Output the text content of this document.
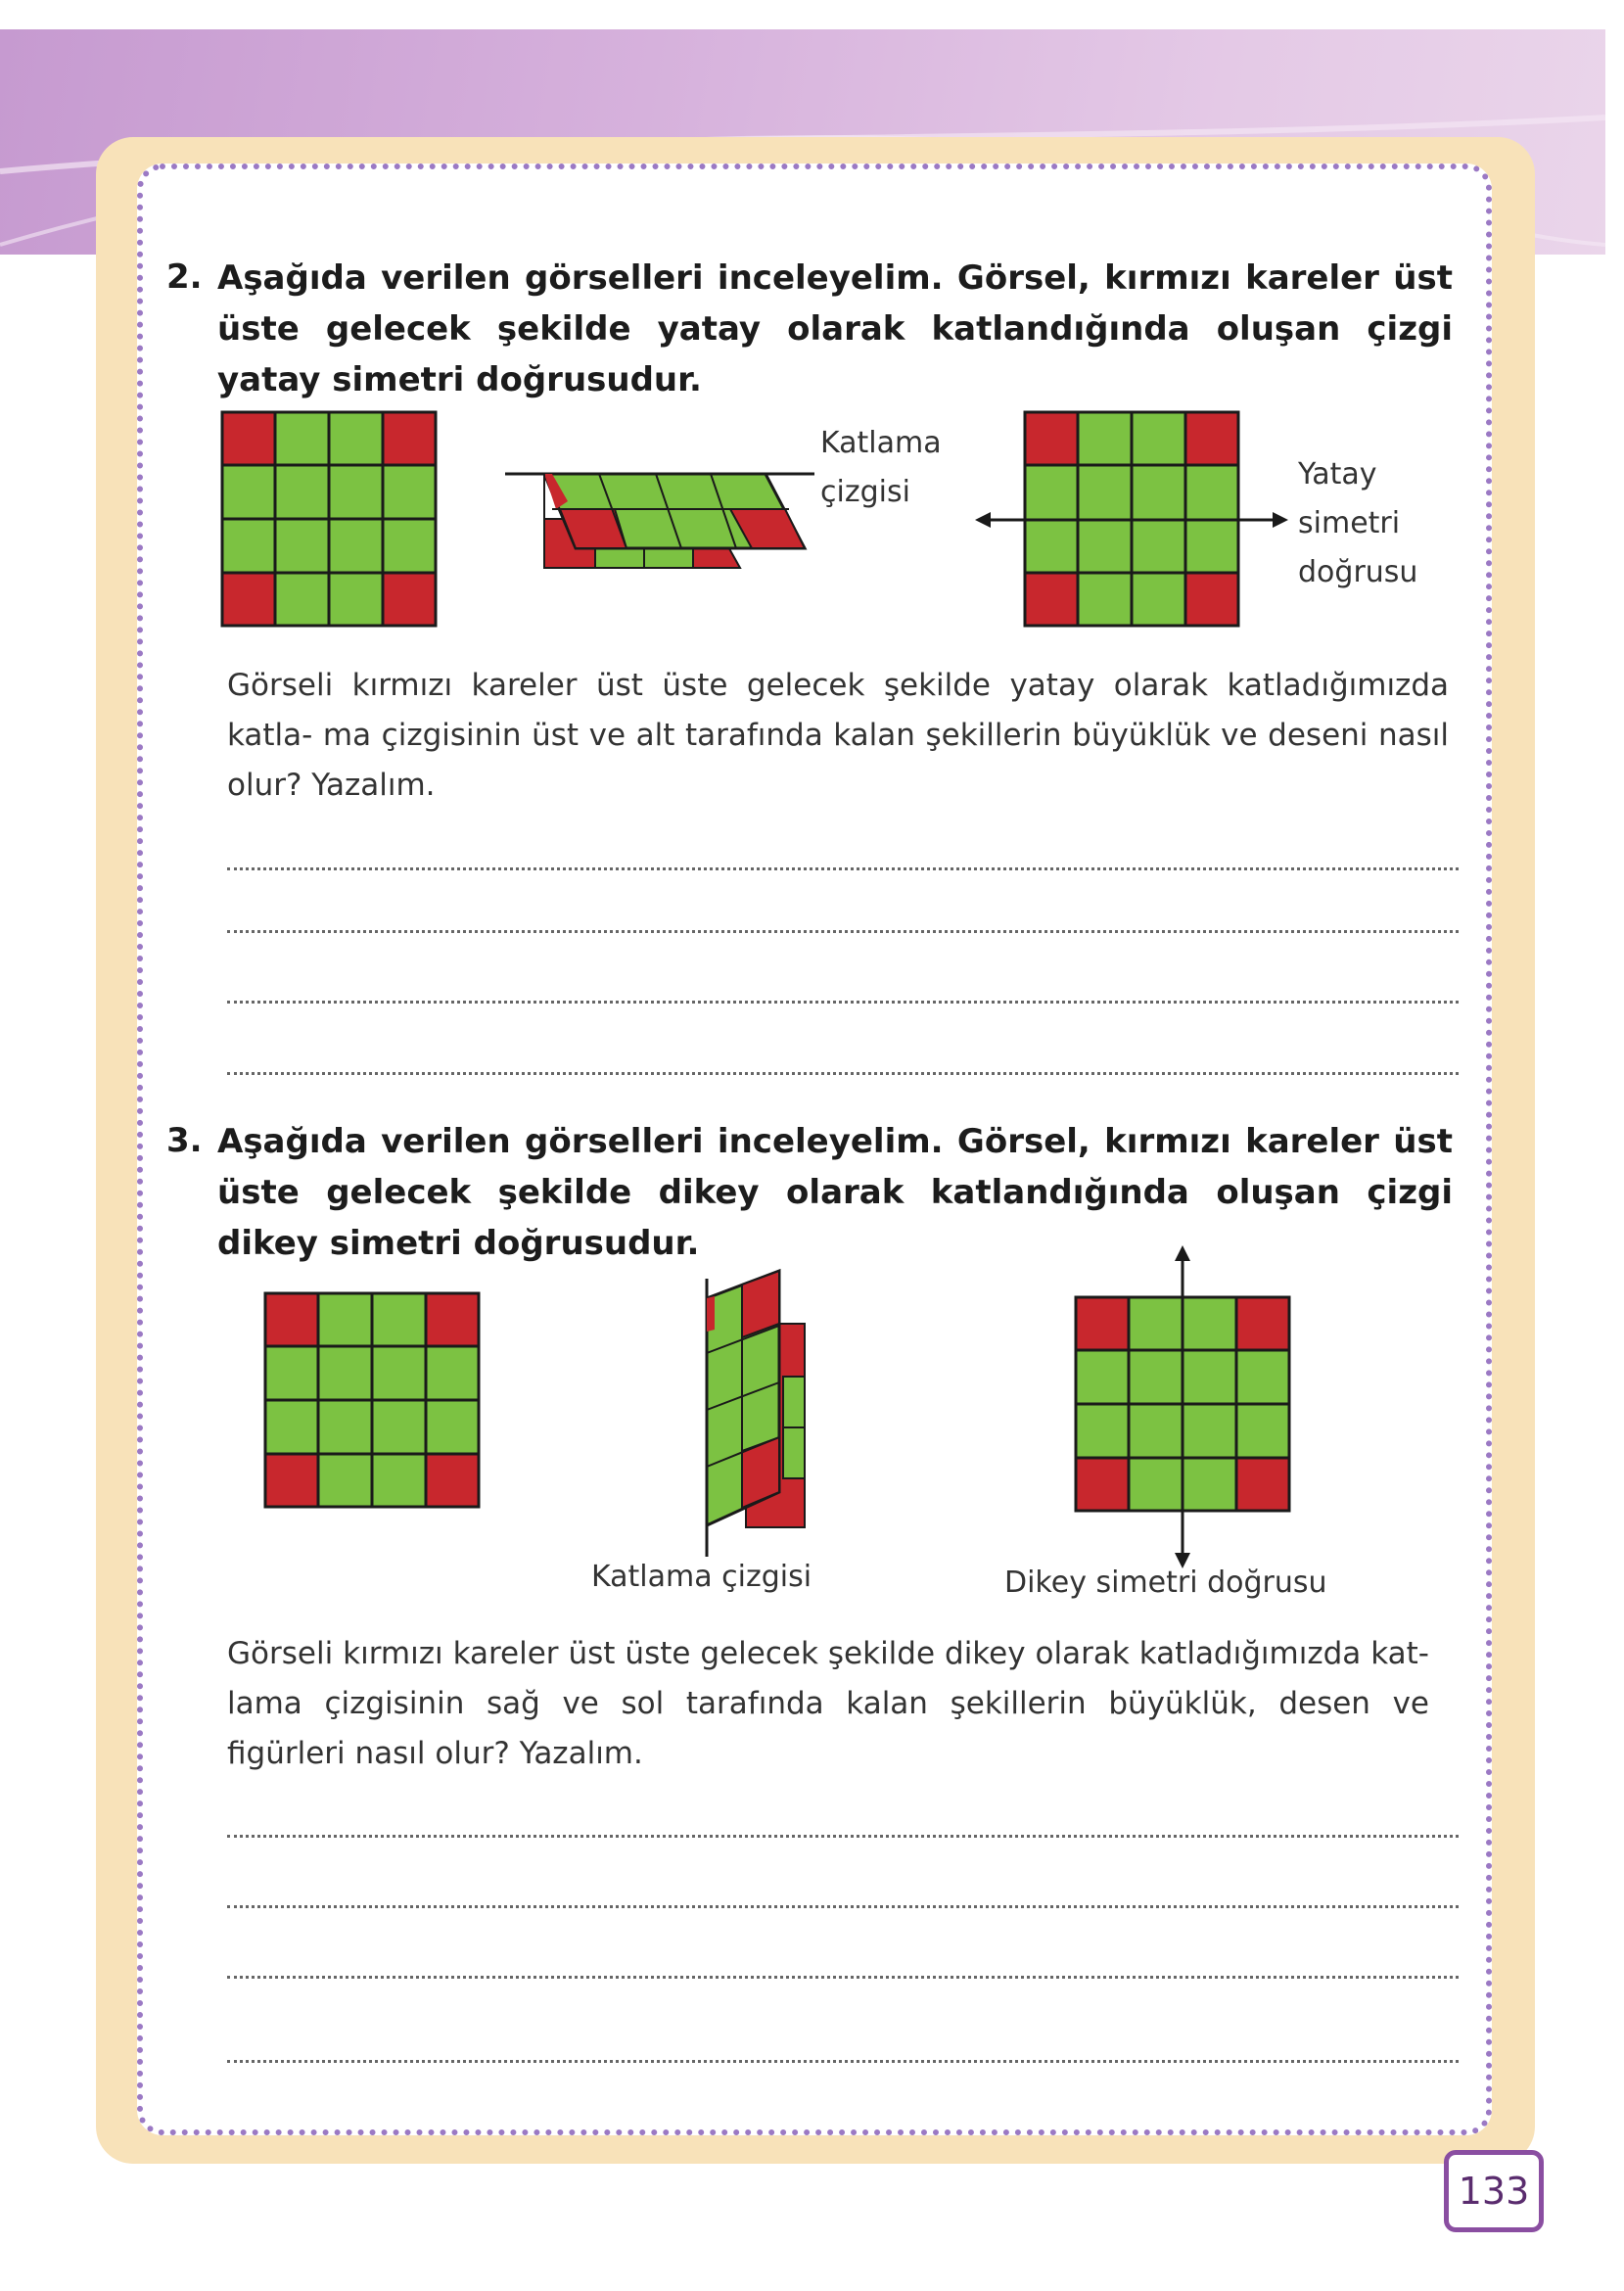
2. Aşağıda verilen görselleri inceleyelim. Görsel, kırmızı kareler üst üste gelecek şekilde yatay olarak katlandığında oluşan çizgi yatay simetri doğrusudur.

Katlama

çizgisi

Yatay

simetri

doğrusu

Görseli kırmızı kareler üst üste gelecek şekilde yatay olarak katladığımızda katla- ma çizgisinin üst ve alt tarafında kalan şekillerin büyüklük ve deseni nasıl olur? Yazalım.

3. Aşağıda verilen görselleri inceleyelim. Görsel, kırmızı kareler üst üste gelecek şekilde dikey olarak katlandığında oluşan çizgi dikey simetri doğrusudur.

Katlama çizgisi	Dikey simetri doğrusu

Görseli kırmızı kareler üst üste gelecek şekilde dikey olarak katladığımızda kat- lama çizgisinin sağ ve sol tarafında kalan şekillerin büyüklük, desen ve figürleri nasıl olur? Yazalım.

133
